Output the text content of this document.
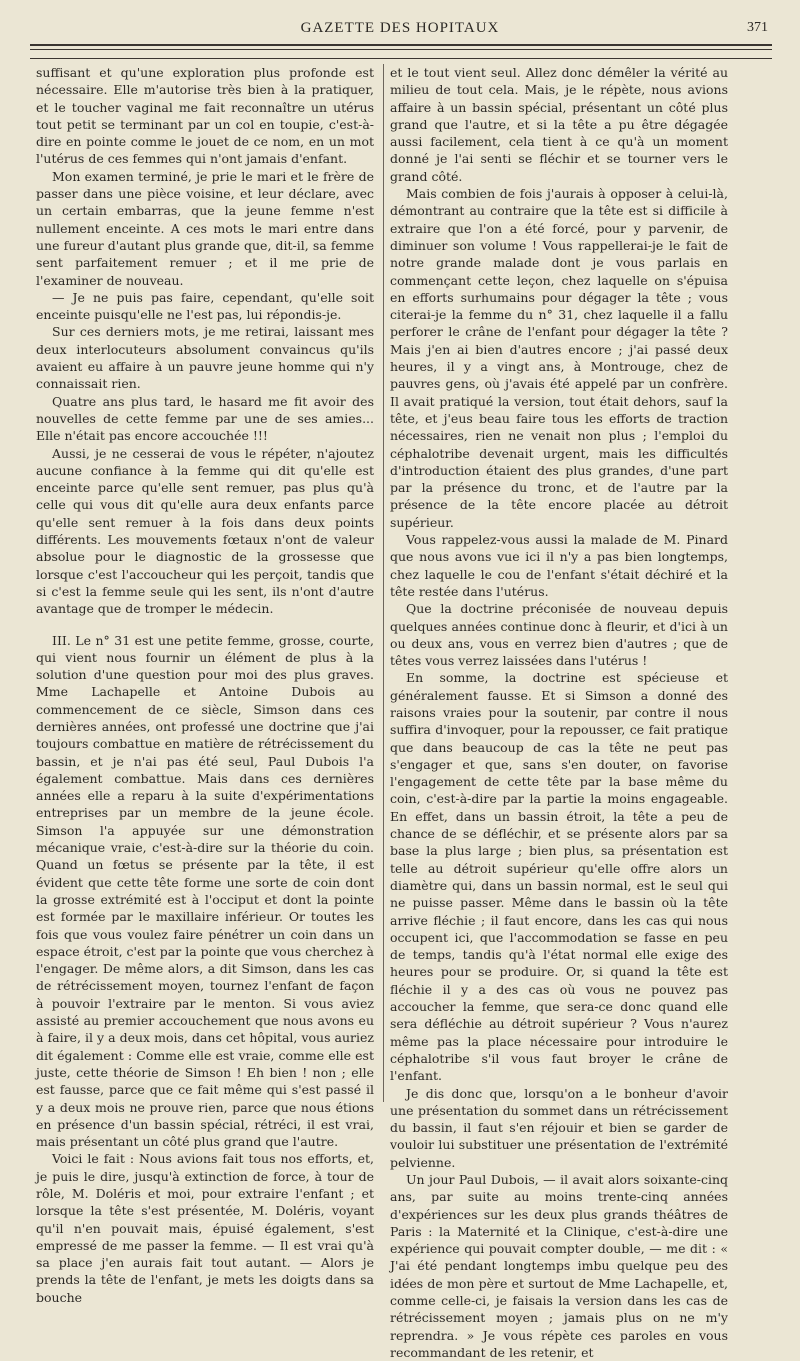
GAZETTE DES HOPITAUX	371

suffisant et qu'une exploration plus profonde est nécessaire. Elle m'autorise très bien à la pratiquer, et le toucher vaginal me fait reconnaître un utérus tout petit se terminant par un col en toupie, c'est-à-dire en pointe comme le jouet de ce nom, en un mot l'utérus de ces femmes qui n'ont jamais d'enfant.

Mon examen terminé, je prie le mari et le frère de passer dans une pièce voisine, et leur déclare, avec un certain embarras, que la jeune femme n'est nullement enceinte. A ces mots le mari entre dans une fureur d'autant plus grande que, dit-il, sa femme sent parfaitement remuer ; et il me prie de l'examiner de nouveau.

— Je ne puis pas faire, cependant, qu'elle soit enceinte puisqu'elle ne l'est pas, lui répondis-je.

Sur ces derniers mots, je me retirai, laissant mes deux interlocuteurs absolument convaincus qu'ils avaient eu affaire à un pauvre jeune homme qui n'y connaissait rien.

Quatre ans plus tard, le hasard me fit avoir des nouvelles de cette femme par une de ses amies... Elle n'était pas encore accouchée !!!

Aussi, je ne cesserai de vous le répéter, n'ajoutez aucune confiance à la femme qui dit qu'elle est enceinte parce qu'elle sent remuer, pas plus qu'à celle qui vous dit qu'elle aura deux enfants parce qu'elle sent remuer à la fois dans deux points différents. Les mouvements fœtaux n'ont de valeur absolue pour le diagnostic de la grossesse que lorsque c'est l'accoucheur qui les perçoit, tandis que si c'est la femme seule qui les sent, ils n'ont d'autre avantage que de tromper le médecin.

III. Le n° 31 est une petite femme, grosse, courte, qui vient nous fournir un élément de plus à la solution d'une question pour moi des plus graves. Mme Lachapelle et Antoine Dubois au commencement de ce siècle, Simson dans ces dernières années, ont professé une doctrine que j'ai toujours combattue en matière de rétrécissement du bassin, et je n'ai pas été seul, Paul Dubois l'a également combattue. Mais dans ces dernières années elle a reparu à la suite d'expérimentations entreprises par un membre de la jeune école. Simson l'a appuyée sur une démonstration mécanique vraie, c'est-à-dire sur la théorie du coin. Quand un fœtus se présente par la tête, il est évident que cette tête forme une sorte de coin dont la grosse extrémité est à l'occiput et dont la pointe est formée par le maxillaire inférieur. Or toutes les fois que vous voulez faire pénétrer un coin dans un espace étroit, c'est par la pointe que vous cherchez à l'engager. De même alors, a dit Simson, dans les cas de rétrécissement moyen, tournez l'enfant de façon à pouvoir l'extraire par le menton. Si vous aviez assisté au premier accouchement que nous avons eu à faire, il y a deux mois, dans cet hôpital, vous auriez dit également : Comme elle est vraie, comme elle est juste, cette théorie de Simson ! Eh bien ! non ; elle est fausse, parce que ce fait même qui s'est passé il y a deux mois ne prouve rien, parce que nous étions en présence d'un bassin spécial, rétréci, il est vrai, mais présentant un côté plus grand que l'autre.

Voici le fait : Nous avions fait tous nos efforts, et, je puis le dire, jusqu'à extinction de force, à tour de rôle, M. Doléris et moi, pour extraire l'enfant ; et lorsque la tête s'est présentée, M. Doléris, voyant qu'il n'en pouvait mais, épuisé également, s'est empressé de me passer la femme. — Il est vrai qu'à sa place j'en aurais fait tout autant. — Alors je prends la tête de l'enfant, je mets les doigts dans sa bouche

et le tout vient seul. Allez donc démêler la vérité au milieu de tout cela. Mais, je le répète, nous avions affaire à un bassin spécial, présentant un côté plus grand que l'autre, et si la tête a pu être dégagée aussi facilement, cela tient à ce qu'à un moment donné je l'ai senti se fléchir et se tourner vers le grand côté.

Mais combien de fois j'aurais à opposer à celui-là, démontrant au contraire que la tête est si difficile à extraire que l'on a été forcé, pour y parvenir, de diminuer son volume ! Vous rappellerai-je le fait de notre grande malade dont je vous parlais en commençant cette leçon, chez laquelle on s'épuisa en efforts surhumains pour dégager la tête ; vous citerai-je la femme du n° 31, chez laquelle il a fallu perforer le crâne de l'enfant pour dégager la tête ? Mais j'en ai bien d'autres encore ; j'ai passé deux heures, il y a vingt ans, à Montrouge, chez de pauvres gens, où j'avais été appelé par un confrère. Il avait pratiqué la version, tout était dehors, sauf la tête, et j'eus beau faire tous les efforts de traction nécessaires, rien ne venait non plus ; l'emploi du céphalotribe devenait urgent, mais les difficultés d'introduction étaient des plus grandes, d'une part par la présence du tronc, et de l'autre par la présence de la tête encore placée au détroit supérieur.

Vous rappelez-vous aussi la malade de M. Pinard que nous avons vue ici il n'y a pas bien longtemps, chez laquelle le cou de l'enfant s'était déchiré et la tête restée dans l'utérus.

Que la doctrine préconisée de nouveau depuis quelques années continue donc à fleurir, et d'ici à un ou deux ans, vous en verrez bien d'autres ; que de têtes vous verrez laissées dans l'utérus !

En somme, la doctrine est spécieuse et généralement fausse. Et si Simson a donné des raisons vraies pour la soutenir, par contre il nous suffira d'invoquer, pour la repousser, ce fait pratique que dans beaucoup de cas la tête ne peut pas s'engager et que, sans s'en douter, on favorise l'engagement de cette tête par la base même du coin, c'est-à-dire par la partie la moins engageable. En effet, dans un bassin étroit, la tête a peu de chance de se défléchir, et se présente alors par sa base la plus large ; bien plus, sa présentation est telle au détroit supérieur qu'elle offre alors un diamètre qui, dans un bassin normal, est le seul qui ne puisse passer. Même dans le bassin où la tête arrive fléchie ; il faut encore, dans les cas qui nous occupent ici, que l'accommodation se fasse en peu de temps, tandis qu'à l'état normal elle exige des heures pour se produire. Or, si quand la tête est fléchie il y a des cas où vous ne pouvez pas accoucher la femme, que sera-ce donc quand elle sera défléchie au détroit supérieur ? Vous n'aurez même pas la place nécessaire pour introduire le céphalotribe s'il vous faut broyer le crâne de l'enfant.

Je dis donc que, lorsqu'on a le bonheur d'avoir une présentation du sommet dans un rétrécissement du bassin, il faut s'en réjouir et bien se garder de vouloir lui substituer une présentation de l'extrémité pelvienne.

Un jour Paul Dubois, — il avait alors soixante-cinq ans, par suite au moins trente-cinq années d'expériences sur les deux plus grands théâtres de Paris : la Maternité et la Clinique, c'est-à-dire une expérience qui pouvait compter double, — me dit : « J'ai été pendant longtemps imbu quelque peu des idées de mon père et surtout de Mme Lachapelle, et, comme celle-ci, je faisais la version dans les cas de rétrécissement moyen ; jamais plus on ne m'y reprendra. » Je vous répète ces paroles en vous recommandant de les retenir, et
